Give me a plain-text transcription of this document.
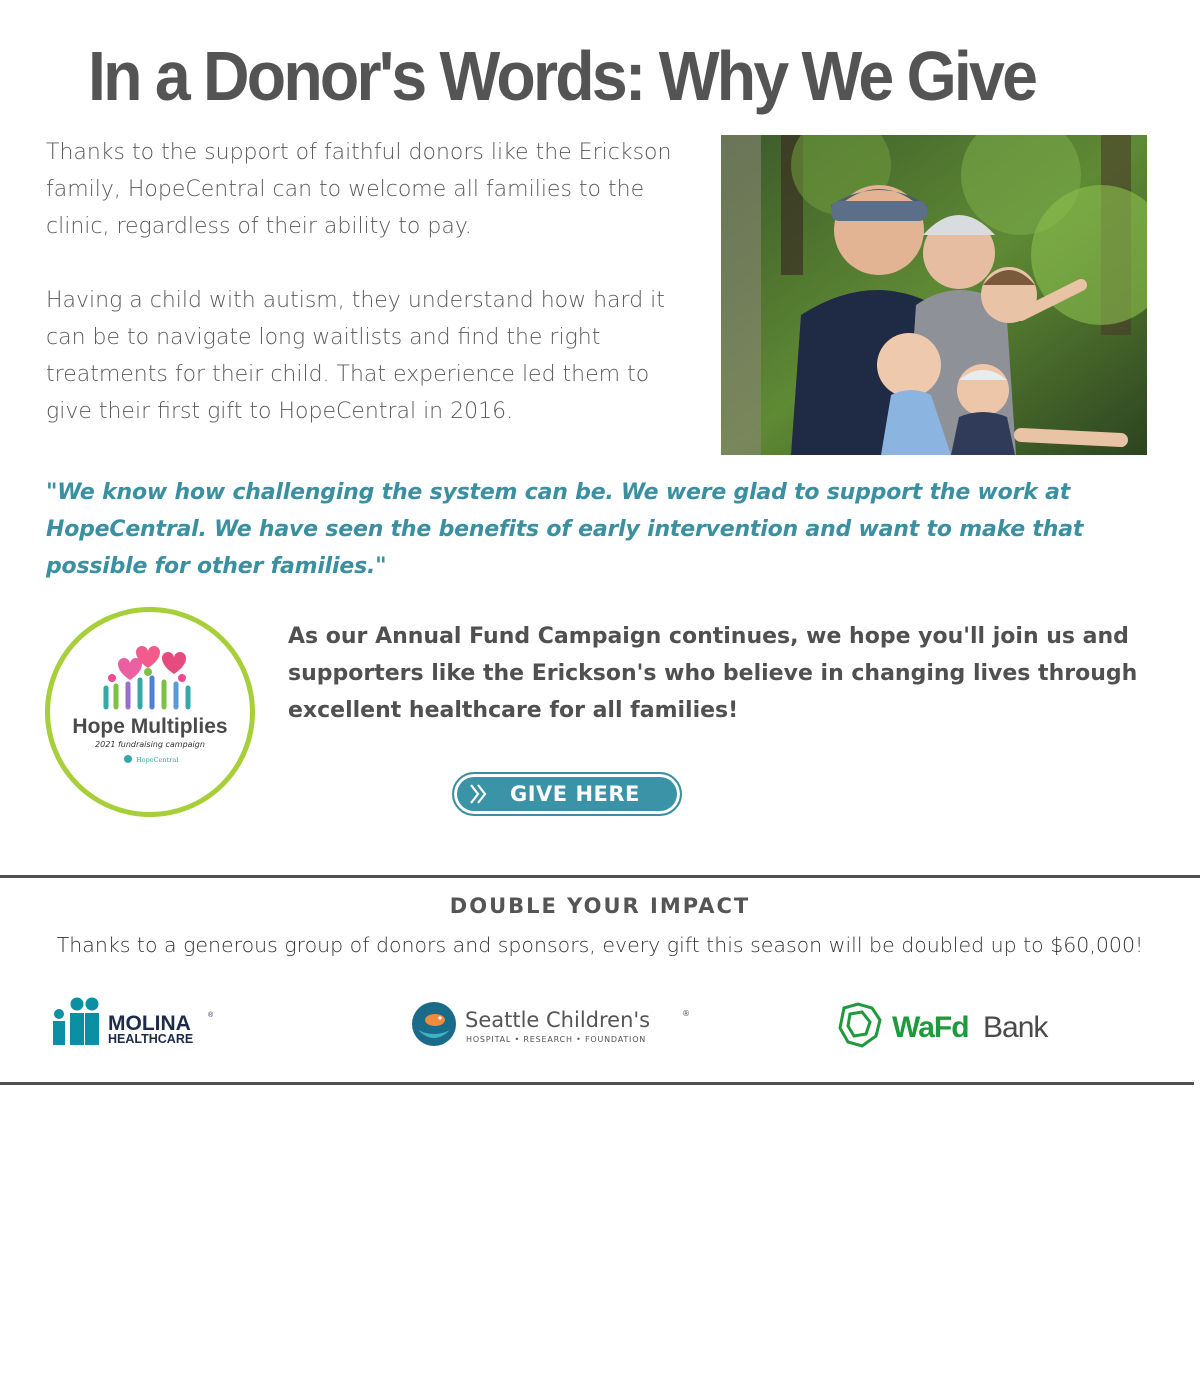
In a Donor's Words: Why We Give

Thanks to the support of faithful donors like the Erickson family, HopeCentral can to welcome all families to the clinic, regardless of their ability to pay.

Having a child with autism, they understand how hard it can be to navigate long waitlists and find the right treatments for their child. That experience led them to give their first gift to HopeCentral in 2016.

"We know how challenging the system can be. We were glad to support the work at HopeCentral. We have seen the benefits of early intervention and want to make that possible for other families."
Hope Multiplies
2021 fundraising campaign
HopeCentral
As our Annual Fund Campaign continues, we hope you'll join us and supporters like the Erickson's who believe in changing lives through excellent healthcare for all families!
GIVE HERE
DOUBLE YOUR IMPACT
Thanks to a generous group of donors and sponsors, every gift this season will be doubled up to $60,000!
MOLINA ®
HEALTHCARE
Seattle Children's	®
HOSPITAL • RESEARCH • FOUNDATION	WaFd Bank
